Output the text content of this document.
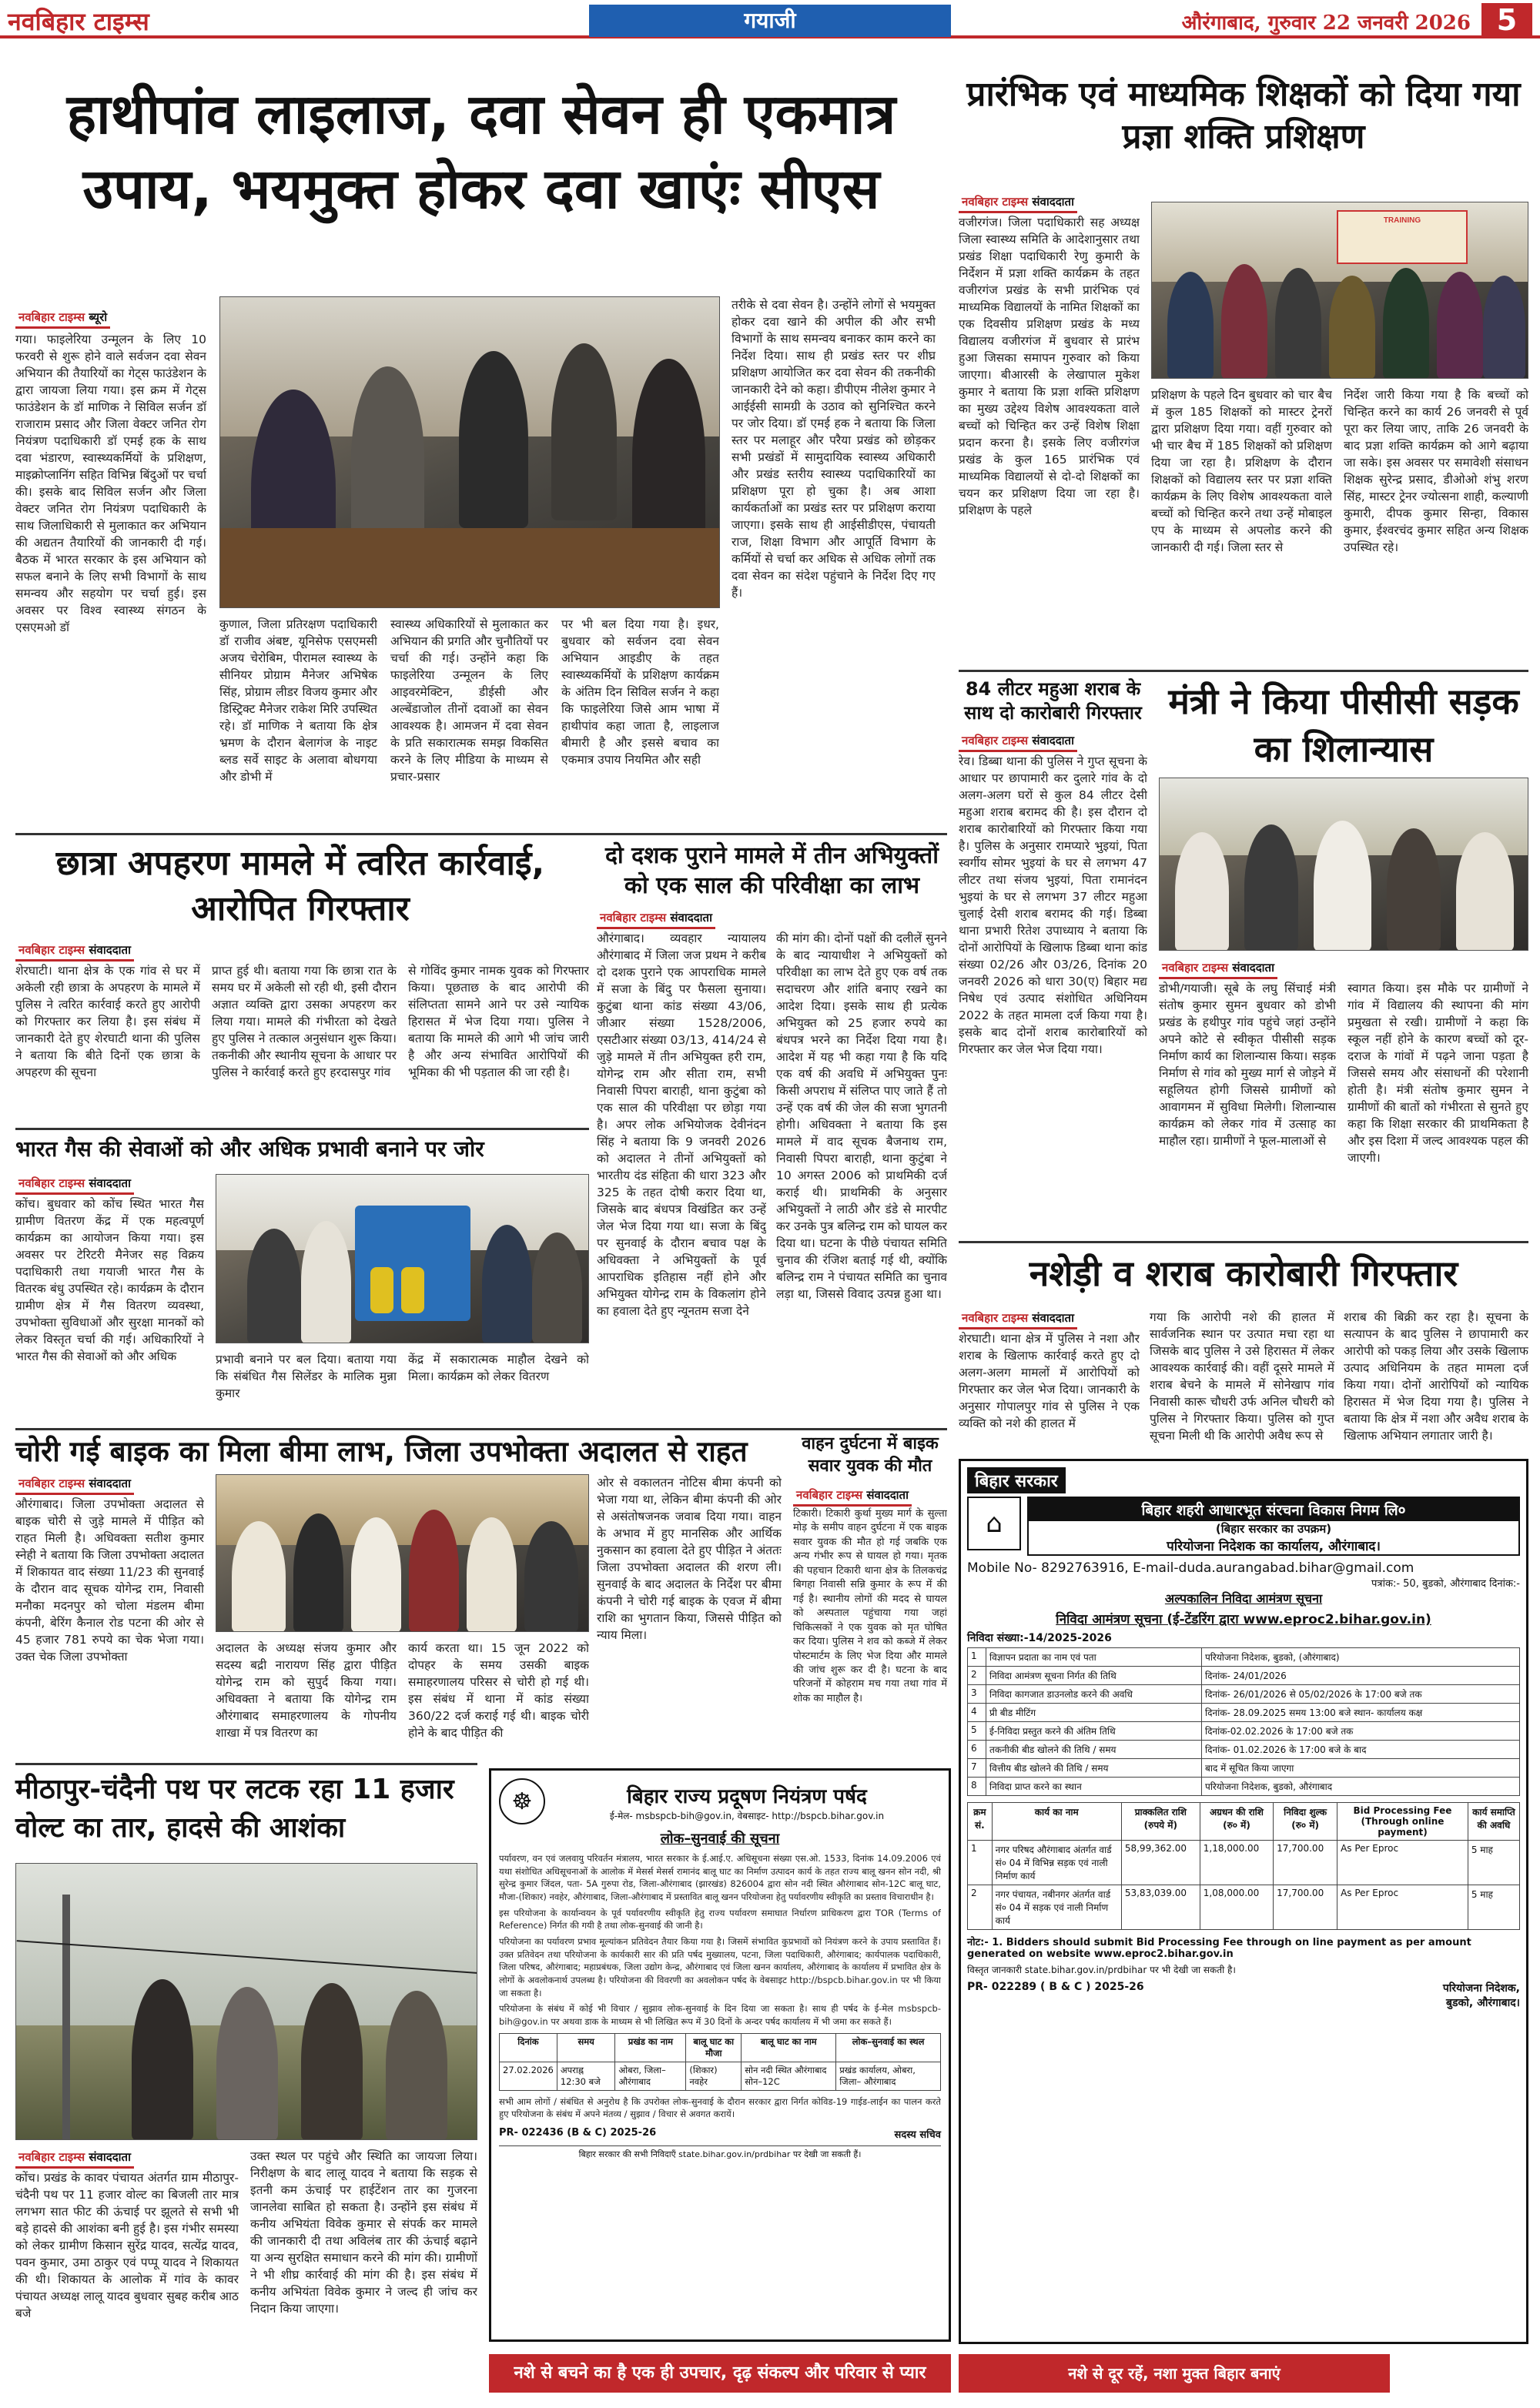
नवबिहार टाइम्स	गयाजी	औरंगाबाद, गुरुवार 22 जनवरी 2026 5
हाथीपांव लाइलाज, दवा सेवन ही एकमात्र उपाय, भयमुक्त होकर दवा खाएंः सीएस
नवबिहार टाइम्स ब्यूरो
गया। फाइलेरिया उन्मूलन के लिए 10 फरवरी से शुरू होने वाले सर्वजन दवा सेवन अभियान की तैयारियों का गेट्स फाउंडेशन के द्वारा जायजा लिया गया। इस क्रम में गेट्स फाउंडेशन के डॉ माणिक ने सिविल सर्जन डॉ राजाराम प्रसाद और जिला वेक्टर जनित रोग नियंत्रण पदाधिकारी डॉ एमई हक के साथ दवा भंडारण, स्वास्थ्यकर्मियों के प्रशिक्षण, माइक्रोप्लानिंग सहित विभिन्न बिंदुओं पर चर्चा की। इसके बाद सिविल सर्जन और जिला वेक्टर जनित रोग नियंत्रण पदाधिकारी के साथ जिलाधिकारी से मुलाकात कर अभियान की अद्यतन तैयारियों की जानकारी दी गई। बैठक में भारत सरकार के इस अभियान को सफल बनाने के लिए सभी विभागों के साथ समन्वय और सहयोग पर चर्चा हुई। इस अवसर पर विश्व स्वास्थ्य संगठन के एसएमओ डॉ	कुणाल, जिला प्रतिरक्षण पदाधिकारी डॉ राजीव अंबष्ट, यूनिसेफ एसएमसी अजय चेरोबिम, पीरामल स्वास्थ्य के सीनियर प्रोग्राम मैनेजर अभिषेक सिंह, प्रोग्राम लीडर विजय कुमार और डिस्ट्रिक्ट मैनेजर राकेश मिरि उपस्थित रहे। डॉ माणिक ने बताया कि क्षेत्र भ्रमण के दौरान बेलागंज के नाइट ब्लड सर्वे साइट के अलावा बोधगया और डोभी में
स्वास्थ्य अधिकारियों से मुलाकात कर अभियान की प्रगति और चुनौतियों पर चर्चा की गई। उन्होंने कहा कि फाइलेरिया उन्मूलन के लिए आइवरमेक्टिन, डीईसी और अल्बेंडाजोल तीनों दवाओं का सेवन आवश्यक है। आमजन में दवा सेवन के प्रति सकारात्मक समझ विकसित करने के लिए मीडिया के माध्यम से प्रचार-प्रसार
पर भी बल दिया गया है। इधर, बुधवार को सर्वजन दवा सेवन अभियान आइडीए के तहत स्वास्थ्यकर्मियों के प्रशिक्षण कार्यक्रम के अंतिम दिन सिविल सर्जन ने कहा कि फाइलेरिया जिसे आम भाषा में हाथीपांव कहा जाता है, लाइलाज बीमारी है और इससे बचाव का एकमात्र उपाय नियमित और सही
तरीके से दवा सेवन है। उन्होंने लोगों से भयमुक्त होकर दवा खाने की अपील की और सभी विभागों के साथ समन्वय बनाकर काम करने का निर्देश दिया। साथ ही प्रखंड स्तर पर शीघ्र प्रशिक्षण आयोजित कर दवा सेवन की तकनीकी जानकारी देने को कहा। डीपीएम नीलेश कुमार ने आईईसी सामग्री के उठाव को सुनिश्चित करने पर जोर दिया। डॉ एमई हक ने बताया कि जिला स्तर पर मलाहूर और परैया प्रखंड को छोड़कर सभी प्रखंडों में सामुदायिक स्वास्थ्य अधिकारी और प्रखंड स्तरीय स्वास्थ्य पदाधिकारियों का प्रशिक्षण पूरा हो चुका है। अब आशा कार्यकर्ताओं का प्रखंड स्तर पर प्रशिक्षण कराया जाएगा। इसके साथ ही आईसीडीएस, पंचायती राज, शिक्षा विभाग और आपूर्ति विभाग के कर्मियों से चर्चा कर अधिक से अधिक लोगों तक दवा सेवन का संदेश पहुंचाने के निर्देश दिए गए हैं।
प्रारंभिक एवं माध्यमिक शिक्षकों को दिया गया प्रज्ञा शक्ति प्रशिक्षण
नवबिहार टाइम्स संवाददाता
वजीरगंज। जिला पदाधिकारी सह अध्यक्ष जिला स्वास्थ्य समिति के आदेशानुसार तथा प्रखंड शिक्षा पदाधिकारी रेणु कुमारी के निर्देशन में प्रज्ञा शक्ति कार्यक्रम के तहत वजीरगंज प्रखंड के सभी प्रारंभिक एवं माध्यमिक विद्यालयों के नामित शिक्षकों का एक दिवसीय प्रशिक्षण प्रखंड के मध्य विद्यालय वजीरगंज में बुधवार से प्रारंभ हुआ जिसका समापन गुरुवार को किया जाएगा। बीआरसी के लेखापाल मुकेश कुमार ने बताया कि प्रज्ञा शक्ति प्रशिक्षण का मुख्य उद्देश्य विशेष आवश्यकता वाले बच्चों को चिन्हित कर उन्हें विशेष शिक्षा प्रदान करना है। इसके लिए वजीरगंज प्रखंड के कुल 165 प्रारंभिक एवं माध्यमिक विद्यालयों से दो-दो शिक्षकों का चयन कर प्रशिक्षण दिया जा रहा है। प्रशिक्षण के पहले
TRAINING
प्रशिक्षण के पहले दिन बुधवार को चार बैच में कुल 185 शिक्षकों को मास्टर ट्रेनरों द्वारा प्रशिक्षण दिया गया। वहीं गुरुवार को भी चार बैच में 185 शिक्षकों को प्रशिक्षण दिया जा रहा है। प्रशिक्षण के दौरान शिक्षकों को विद्यालय स्तर पर प्रज्ञा शक्ति कार्यक्रम के लिए विशेष आवश्यकता वाले बच्चों को चिन्हित करने तथा उन्हें मोबाइल एप के माध्यम से अपलोड करने की जानकारी दी गई। जिला स्तर से
निर्देश जारी किया गया है कि बच्चों को चिन्हित करने का कार्य 26 जनवरी से पूर्व पूरा कर लिया जाए, ताकि 26 जनवरी के बाद प्रज्ञा शक्ति कार्यक्रम को आगे बढ़ाया जा सके। इस अवसर पर समावेशी संसाधन शिक्षक सुरेन्द्र प्रसाद, डीओओ शंभु शरण सिंह, मास्टर ट्रेनर ज्योत्सना शाही, कल्याणी कुमारी, दीपक कुमार सिन्हा, विकास कुमार, ईश्वरचंद कुमार सहित अन्य शिक्षक उपस्थित रहे।
84 लीटर महुआ शराब के साथ दो कारोबारी गिरफ्तार
नवबिहार टाइम्स संवाददाता
रेव। डिब्बा थाना की पुलिस ने गुप्त सूचना के आधार पर छापामारी कर दुलारे गांव के दो अलग-अलग घरों से कुल 84 लीटर देसी महुआ शराब बरामद की है। इस दौरान दो शराब कारोबारियों को गिरफ्तार किया गया है। पुलिस के अनुसार रामप्यारे भुइयां, पिता स्वर्गीय सोमर भुइयां के घर से लगभग 47 लीटर तथा संजय भुइयां, पिता रामानंदन भुइयां के घर से लगभग 37 लीटर महुआ चुलाई देसी शराब बरामद की गई। डिब्बा थाना प्रभारी रितेश उपाध्याय ने बताया कि दोनों आरोपियों के खिलाफ डिब्बा थाना कांड संख्या 02/26 और 03/26, दिनांक 20 जनवरी 2026 को धारा 30(ए) बिहार मद्य निषेध एवं उत्पाद संशोधित अधिनियम 2022 के तहत मामला दर्ज किया गया है। इसके बाद दोनों शराब कारोबारियों को गिरफ्तार कर जेल भेज दिया गया।
मंत्री ने किया पीसीसी सड़क का शिलान्यास
नवबिहार टाइम्स संवाददाता
डोभी/गयाजी। सूबे के लघु सिंचाई मंत्री संतोष कुमार सुमन बुधवार को डोभी प्रखंड के हथीपुर गांव पहुंचे जहां उन्होंने अपने कोटे से स्वीकृत पीसीसी सड़क निर्माण कार्य का शिलान्यास किया। सड़क निर्माण से गांव को मुख्य मार्ग से जोड़ने में सहूलियत होगी जिससे ग्रामीणों को आवागमन में सुविधा मिलेगी। शिलान्यास कार्यक्रम को लेकर गांव में उत्साह का माहौल रहा। ग्रामीणों ने फूल-मालाओं से
स्वागत किया। इस मौके पर ग्रामीणों ने गांव में विद्यालय की स्थापना की मांग प्रमुखता से रखी। ग्रामीणों ने कहा कि स्कूल नहीं होने के कारण बच्चों को दूर-दराज के गांवों में पढ़ने जाना पड़ता है जिससे समय और संसाधनों की परेशानी होती है। मंत्री संतोष कुमार सुमन ने ग्रामीणों की बातों को गंभीरता से सुनते हुए कहा कि शिक्षा सरकार की प्राथमिकता है और इस दिशा में जल्द आवश्यक पहल की जाएगी।
छात्रा अपहरण मामले में त्वरित कार्रवाई, आरोपित गिरफ्तार
नवबिहार टाइम्स संवाददाता
शेरघाटी। थाना क्षेत्र के एक गांव से घर में अकेली रही छात्रा के अपहरण के मामले में पुलिस ने त्वरित कार्रवाई करते हुए आरोपी को गिरफ्तार कर लिया है। इस संबंध में जानकारी देते हुए शेरघाटी थाना की पुलिस ने बताया कि बीते दिनों एक छात्रा के अपहरण की सूचना
प्राप्त हुई थी। बताया गया कि छात्रा रात के समय घर में अकेली सो रही थी, इसी दौरान अज्ञात व्यक्ति द्वारा उसका अपहरण कर लिया गया। मामले की गंभीरता को देखते हुए पुलिस ने तत्काल अनुसंधान शुरू किया। तकनीकी और स्थानीय सूचना के आधार पर पुलिस ने कार्रवाई करते हुए हरदासपुर गांव
से गोविंद कुमार नामक युवक को गिरफ्तार किया। पूछताछ के बाद आरोपी की संलिप्तता सामने आने पर उसे न्यायिक हिरासत में भेज दिया गया। पुलिस ने बताया कि मामले की आगे भी जांच जारी है और अन्य संभावित आरोपियों की भूमिका की भी पड़ताल की जा रही है।
दो दशक पुराने मामले में तीन अभियुक्तों को एक साल की परिवीक्षा का लाभ
नवबिहार टाइम्स संवाददाता
औरंगाबाद। व्यवहार न्यायालय औरंगाबाद में जिला जज प्रथम ने करीब दो दशक पुराने एक आपराधिक मामले में सजा के बिंदु पर फैसला सुनाया। कुटुंबा थाना कांड संख्या 43/06, जीआर संख्या 1528/2006, एसटीआर संख्या 03/13, 414/24 से जुड़े मामले में तीन अभियुक्त हरी राम, योगेन्द्र राम और सीता राम, सभी निवासी पिपरा बाराही, थाना कुटुंबा को एक साल की परिवीक्षा पर छोड़ा गया है। अपर लोक अभियोजक देवीनंदन सिंह ने बताया कि 9 जनवरी 2026 को अदालत ने तीनों अभियुक्तों को भारतीय दंड संहिता की धारा 323 और 325 के तहत दोषी करार दिया था, जिसके बाद बंधपत्र विखंडित कर उन्हें जेल भेज दिया गया था। सजा के बिंदु पर सुनवाई के दौरान बचाव पक्ष के अधिवक्ता ने अभियुक्तों के पूर्व आपराधिक इतिहास नहीं होने और अभियुक्त योगेन्द्र राम के विकलांग होने का हवाला देते हुए न्यूनतम सजा देने
की मांग की। दोनों पक्षों की दलीलें सुनने के बाद न्यायाधीश ने अभियुक्तों को परिवीक्षा का लाभ देते हुए एक वर्ष तक सदाचरण और शांति बनाए रखने का आदेश दिया। इसके साथ ही प्रत्येक अभियुक्त को 25 हजार रुपये का बंधपत्र भरने का निर्देश दिया गया है। आदेश में यह भी कहा गया है कि यदि एक वर्ष की अवधि में अभियुक्त पुनः किसी अपराध में संलिप्त पाए जाते हैं तो उन्हें एक वर्ष की जेल की सजा भुगतनी होगी। अधिवक्ता ने बताया कि इस मामले में वाद सूचक बैजनाथ राम, निवासी पिपरा बाराही, थाना कुटुंबा ने 10 अगस्त 2006 को प्राथमिकी दर्ज कराई थी। प्राथमिकी के अनुसार अभियुक्तों ने लाठी और डंडे से मारपीट कर उनके पुत्र बलिन्द्र राम को घायल कर दिया था। घटना के पीछे पंचायत समिति चुनाव की रंजिश बताई गई थी, क्योंकि बलिन्द्र राम ने पंचायत समिति का चुनाव लड़ा था, जिससे विवाद उत्पन्न हुआ था।
भारत गैस की सेवाओं को और अधिक प्रभावी बनाने पर जोर
नवबिहार टाइम्स संवाददाता
कोंच। बुधवार को कोंच स्थित भारत गैस ग्रामीण वितरण केंद्र में एक महत्वपूर्ण कार्यक्रम का आयोजन किया गया। इस अवसर पर टेरिटरी मैनेजर सह विक्रय पदाधिकारी तथा गयाजी भारत गैस के वितरक बंधु उपस्थित रहे। कार्यक्रम के दौरान ग्रामीण क्षेत्र में गैस वितरण व्यवस्था, उपभोक्ता सुविधाओं और सुरक्षा मानकों को लेकर विस्तृत चर्चा की गई। अधिकारियों ने भारत गैस की सेवाओं को और अधिक	प्रभावी बनाने पर बल दिया। बताया गया कि संबंधित गैस सिलेंडर के मालिक मुन्ना कुमार
केंद्र में सकारात्मक माहौल देखने को मिला। कार्यक्रम को लेकर वितरण
नशेड़ी व शराब कारोबारी गिरफ्तार
नवबिहार टाइम्स संवाददाता
शेरघाटी। थाना क्षेत्र में पुलिस ने नशा और शराब के खिलाफ कार्रवाई करते हुए दो अलग-अलग मामलों में आरोपियों को गिरफ्तार कर जेल भेज दिया। जानकारी के अनुसार गोपालपुर गांव से पुलिस ने एक व्यक्ति को नशे की हालत में
गया कि आरोपी नशे की हालत में सार्वजनिक स्थान पर उत्पात मचा रहा था जिसके बाद पुलिस ने उसे हिरासत में लेकर आवश्यक कार्रवाई की। वहीं दूसरे मामले में शराब बेचने के मामले में सोनेखाप गांव निवासी कारू चौधरी उर्फ अनिल चौधरी को पुलिस ने गिरफ्तार किया। पुलिस को गुप्त सूचना मिली थी कि आरोपी अवैध रूप से
शराब की बिक्री कर रहा है। सूचना के सत्यापन के बाद पुलिस ने छापामारी कर आरोपी को पकड़ लिया और उसके खिलाफ उत्पाद अधिनियम के तहत मामला दर्ज किया गया। दोनों आरोपियों को न्यायिक हिरासत में भेज दिया गया है। पुलिस ने बताया कि क्षेत्र में नशा और अवैध शराब के खिलाफ अभियान लगातार जारी है।
चोरी गई बाइक का मिला बीमा लाभ, जिला उपभोक्ता अदालत से राहत
नवबिहार टाइम्स संवाददाता
औरंगाबाद। जिला उपभोक्ता अदालत से बाइक चोरी से जुड़े मामले में पीड़ित को राहत मिली है। अधिवक्ता सतीश कुमार स्नेही ने बताया कि जिला उपभोक्ता अदालत में शिकायत वाद संख्या 11/23 की सुनवाई के दौरान वाद सूचक योगेन्द्र राम, निवासी मनौका मदनपुर को चोला मंडलम बीमा कंपनी, बेरिंग कैनाल रोड पटना की ओर से 45 हजार 781 रुपये का चेक भेजा गया। उक्त चेक जिला उपभोक्ता
अदालत के अध्यक्ष संजय कुमार और सदस्य बद्री नारायण सिंह द्वारा पीड़ित योगेन्द्र राम को सुपुर्द किया गया। अधिवक्ता ने बताया कि योगेन्द्र राम औरंगाबाद समाहरणालय के गोपनीय शाखा में पत्र वितरण का
कार्य करता था। 15 जून 2022 को दोपहर के समय उसकी बाइक समाहरणालय परिसर से चोरी हो गई थी। इस संबंध में थाना में कांड संख्या 360/22 दर्ज कराई गई थी। बाइक चोरी होने के बाद पीड़ित की
ओर से वकालतन नोटिस बीमा कंपनी को भेजा गया था, लेकिन बीमा कंपनी की ओर से असंतोषजनक जवाब दिया गया। वाहन के अभाव में हुए मानसिक और आर्थिक नुकसान का हवाला देते हुए पीड़ित ने अंततः जिला उपभोक्ता अदालत की शरण ली। सुनवाई के बाद अदालत के निर्देश पर बीमा कंपनी ने चोरी गई बाइक के एवज में बीमा राशि का भुगतान किया, जिससे पीड़ित को न्याय मिला।
वाहन दुर्घटना में बाइक सवार युवक की मौत
नवबिहार टाइम्स संवाददाता
टिकारी। टिकारी कुर्था मुख्य मार्ग के सुल्ता मोड़ के समीप वाहन दुर्घटना में एक बाइक सवार युवक की मौत हो गई जबकि एक अन्य गंभीर रूप से घायल हो गया। मृतक की पहचान टिकारी थाना क्षेत्र के तिलकचंद्र बिगहा निवासी सन्नि कुमार के रूप में की गई है। स्थानीय लोगों की मदद से घायल को अस्पताल पहुंचाया गया जहां चिकित्सकों ने एक युवक को मृत घोषित कर दिया। पुलिस ने शव को कब्जे में लेकर पोस्टमार्टम के लिए भेज दिया और मामले की जांच शुरू कर दी है। घटना के बाद परिजनों में कोहराम मच गया तथा गांव में शोक का माहौल है।
मीठापुर-चंदैनी पथ पर लटक रहा 11 हजार वोल्ट का तार, हादसे की आशंका
नवबिहार टाइम्स संवाददाता
कोंच। प्रखंड के कावर पंचायत अंतर्गत ग्राम मीठापुर-चंदैनी पथ पर 11 हजार वोल्ट का बिजली तार मात्र लगभग सात फीट की ऊंचाई पर झूलते से सभी भी बड़े हादसे की आशंका बनी हुई है। इस गंभीर समस्या को लेकर ग्रामीण किसान सुरेंद्र यादव, सत्येंद्र यादव, पवन कुमार, उमा ठाकुर एवं पप्पू यादव ने शिकायत की थी। शिकायत के आलोक में गांव के कावर पंचायत अध्यक्ष लालू यादव बुधवार सुबह करीब आठ बजे
उक्त स्थल पर पहुंचे और स्थिति का जायजा लिया। निरीक्षण के बाद लालू यादव ने बताया कि सड़क से इतनी कम ऊंचाई पर हाईटेंशन तार का गुजरना जानलेवा साबित हो सकता है। उन्होंने इस संबंध में कनीय अभियंता विवेक कुमार से संपर्क कर मामले की जानकारी दी तथा अविलंब तार की ऊंचाई बढ़ाने या अन्य सुरक्षित समाधान करने की मांग की। ग्रामीणों ने भी शीघ्र कार्रवाई की मांग की है। इस संबंध में कनीय अभियंता विवेक कुमार ने जल्द ही जांच कर निदान किया जाएगा।
☸	बिहार राज्य प्रदूषण नियंत्रण पर्षद
ई-मेल- msbspcb-bih@gov.in, वेबसाइट- http://bspcb.bihar.gov.in
लोक–सुनवाई की सूचना
पर्यावरण, वन एवं जलवायु परिवर्तन मंत्रालय, भारत सरकार के ई.आई.ए. अधिसूचना संख्या एस.ओ. 1533, दिनांक 14.09.2006 एवं यथा संशोधित अधिसूचनाओं के आलोक में मेसर्स मेसर्स रामानंद बालू घाट का निर्माण उत्पादन कार्य के तहत राज्य बालू खनन सोन नदी, श्री सुरेन्द्र कुमार जिंदल, पता- 5A गुरुपा रोड, जिला-औरंगाबाद (झारखंड) 826004 द्वारा सोन नदी स्थित औरंगाबाद सोन-12C बालू घाट, मौजा-(शिकार) नवहेर, औरंगाबाद, जिला-औरंगाबाद में प्रस्तावित बालू खनन परियोजना हेतु पर्यावरणीय स्वीकृति का प्रस्ताव विचाराधीन है।
इस परियोजना के कार्यान्वयन के पूर्व पर्यावरणीय स्वीकृति हेतु राज्य पर्यावरण समाघात निर्धारण प्राधिकरण द्वारा TOR (Terms of Reference) निर्गत की गयी है तथा लोक-सुनवाई की जानी है।
परियोजना का पर्यावरण प्रभाव मूल्यांकन प्रतिवेदन तैयार किया गया है। जिसमें संभावित कुप्रभावों को नियंत्रण करने के उपाय प्रस्तावित हैं। उक्त प्रतिवेदन तथा परियोजना के कार्यकारी सार की प्रति पर्षद मुख्यालय, पटना, जिला पदाधिकारी, औरंगाबाद; कार्यपालक पदाधिकारी, जिला परिषद, औरंगाबाद; महाप्रबंधक, जिला उद्योग केन्द्र, औरंगाबाद एवं जिला खनन कार्यालय, औरंगाबाद के कार्यालय में प्रभावित क्षेत्र के लोगों के अवलोकनार्थ उपलब्ध है। परियोजना की विवरणी का अवलोकन पर्षद के वेबसाइट http://bspcb.bihar.gov.in पर भी किया जा सकता है।
परियोजना के संबंध में कोई भी विचार / सुझाव लोक-सुनवाई के दिन दिया जा सकता है। साथ ही पर्षद के ई-मेल msbspcb-bih@gov.in पर अथवा डाक के माध्यम से भी लिखित रूप में 30 दिनों के अन्दर पर्षद कार्यालय में भी जमा कर सकते हैं।
दिनांक	समय	प्रखंड का नाम	बालू घाट का मौजा	बालू घाट का नाम	लोक–सुनवाई का स्थल
27.02.2026	अपराह्न 12:30 बजे	ओबरा, जिला– औरंगाबाद	(शिकार) नवहेर	सोन नदी स्थित औरंगाबाद सोन–12C	प्रखंड कार्यालय, ओबरा, जिला– औरंगाबाद
सभी आम लोगों / संबंधित से अनुरोध है कि उपरोक्त लोक-सुनवाई के दौरान सरकार द्वारा निर्गत कोविड-19 गाईड-लाईन का पालन करते हुए परियोजना के संबंध में अपने मंतव्य / सुझाव / विचार से अवगत करायें।
PR- 022436 (B & C) 2025-26	सदस्य सचिव
बिहार सरकार की सभी निविदाएँ state.bihar.gov.in/prdbihar पर देखी जा सकती हैं।
बिहार सरकार
⌂	बिहार शहरी आधारभूत संरचना विकास निगम लि०
(बिहार सरकार का उपक्रम)
परियोजना निदेशक का कार्यालय, औरंगाबाद।
Mobile No- 8292763916, E-mail-duda.aurangabad.bihar@gmail.com
पत्रांक:- 50, बुडको, औरंगाबाद दिनांक:-
अल्पकालिन निविदा आमंत्रण सूचना
निविदा आमंत्रण सूचना (ई-टेंडरिंग द्वारा www.eproc2.bihar.gov.in)
निविदा संख्या:-14/2025-2026
1	विज्ञापन प्रदाता का नाम एवं पता	परियोजना निदेशक, बुडको, (औरंगाबाद)
2	निविदा आमंत्रण सूचना निर्गत की तिथि	दिनांक- 24/01/2026
3	निविदा कागजात डाउनलोड करने की अवधि	दिनांक- 26/01/2026 से 05/02/2026 के 17:00 बजे तक
4	प्री बीड मीटिंग	दिनांक- 28.09.2025 समय 13:00 बजे स्थान- कार्यालय कक्ष
5	ई-निविदा प्रस्तुत करने की अंतिम तिथि	दिनांक-02.02.2026 के 17:00 बजे तक
6	तकनीकी बीड खोलने की तिथि / समय	दिनांक- 01.02.2026 के 17:00 बजे के बाद
7	वित्तीय बीड खोलने की तिथि / समय	बाद में सूचित किया जाएगा
8	निविदा प्राप्त करने का स्थान	परियोजना निदेशक, बुडको, औरंगाबाद
क्रम सं.	कार्य का नाम	प्राक्कलित राशि (रुपये में)	अग्रधन की राशि (रु० में)	निविदा शुल्क (रु० में)	Bid Processing Fee (Through online payment)	कार्य समाप्ति की अवधि
1	नगर परिषद औरंगाबाद अंतर्गत वार्ड सं० 04 में विभिन्न सड़क एवं नाली निर्माण कार्य	58,99,362.00	1,18,000.00	17,700.00	As Per Eproc	5 माह
2	नगर पंचायत, नबीनगर अंतर्गत वार्ड सं० 04 में सड़क एवं नाली निर्माण कार्य	53,83,039.00	1,08,000.00	17,700.00	As Per Eproc	5 माह
नोट:- 1. Bidders should submit Bid Processing Fee through on line payment as per amount generated on website www.eproc2.bihar.gov.in
विस्तृत जानकारी state.bihar.gov.in/prdbihar पर भी देखी जा सकती है।
PR- 022289 ( B & C ) 2025-26	परियोजना निदेशक,
बुडको, औरंगाबाद।
नशे से बचने का है एक ही उपचार, दृढ़ संकल्प और परिवार से प्यार	नशे से दूर रहें, नशा मुक्त बिहार बनाएं
